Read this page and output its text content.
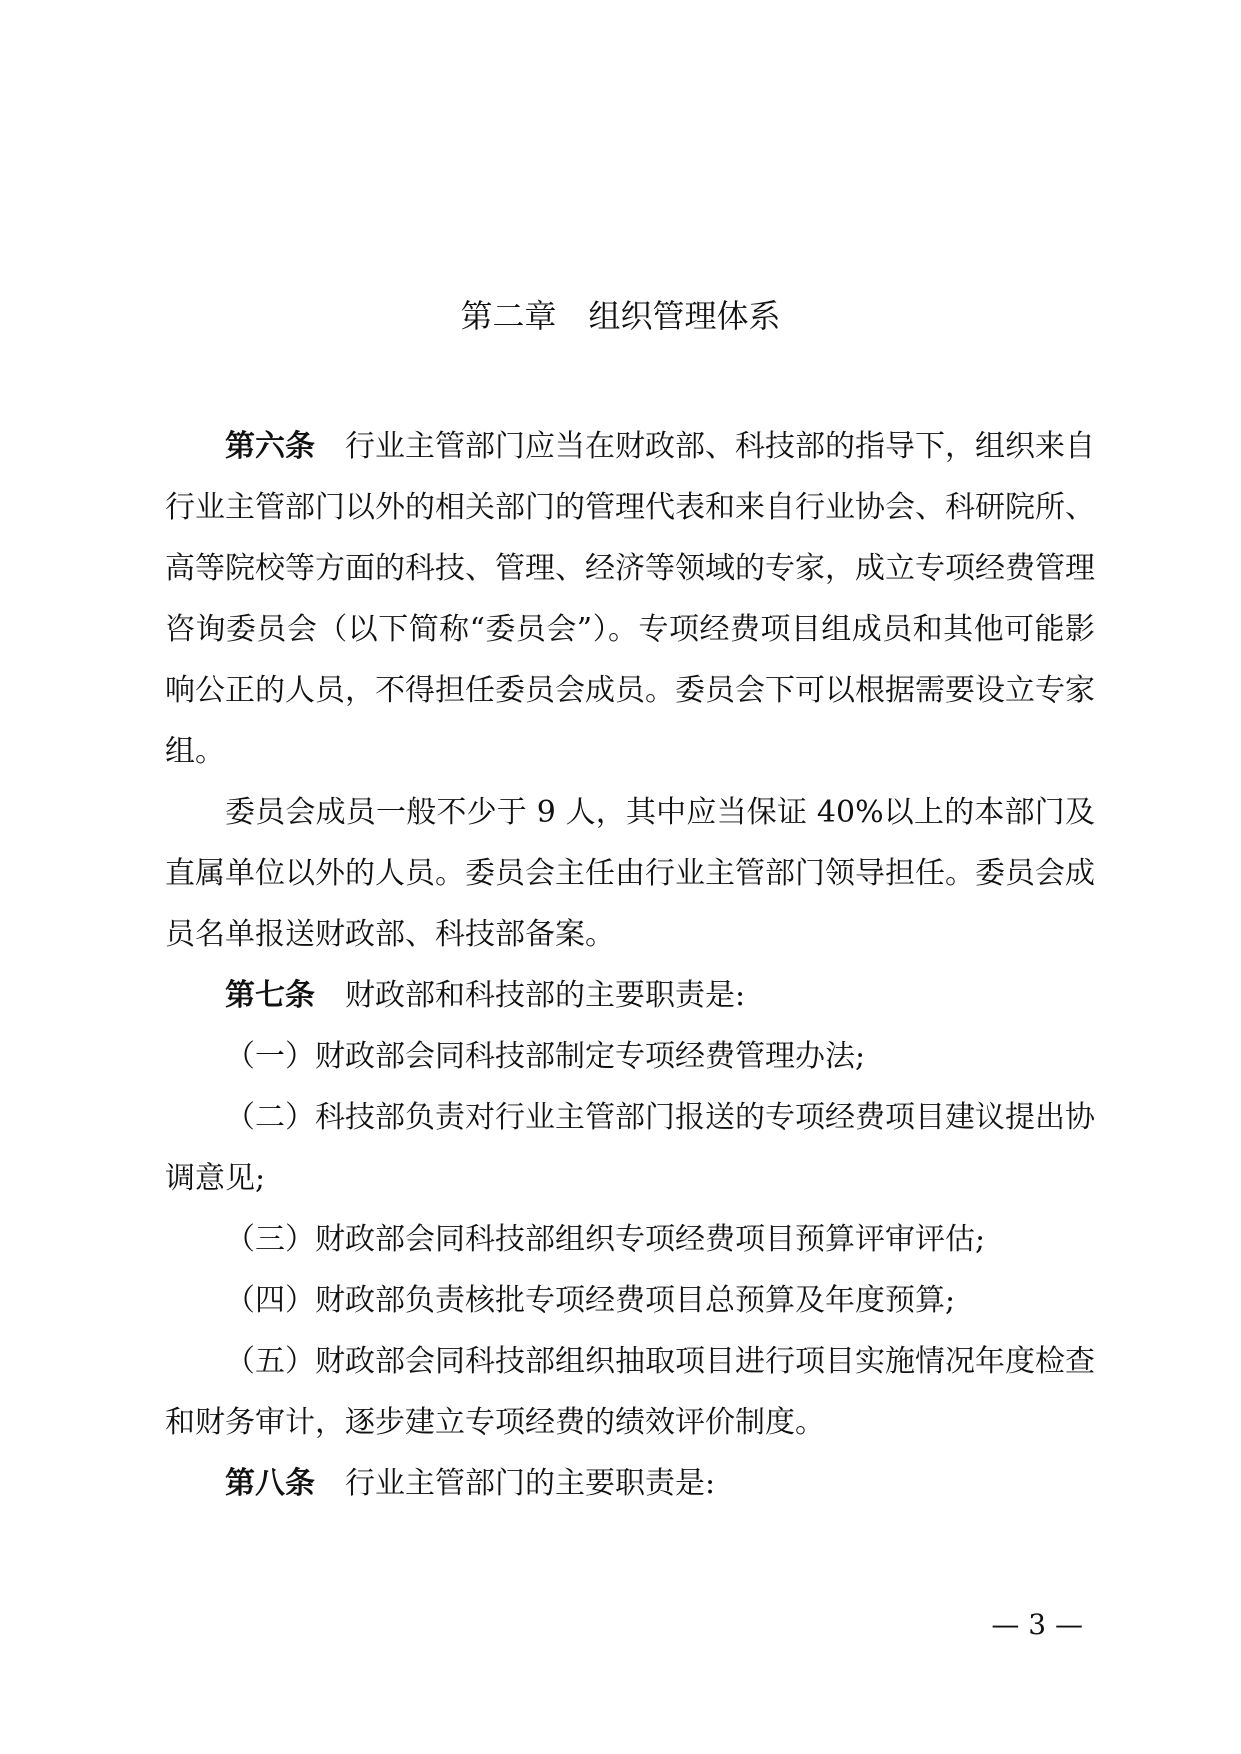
第二章　组织管理体系

第六条 行业主管部门应当在财政部、科技部的指导下，组织来自行业主管部门以外的相关部门的管理代表和来自行业协会、科研院所、高等院校等方面的科技、管理、经济等领域的专家，成立专项经费管理咨询委员会（以下简称“委员会”）。专项经费项目组成员和其他可能影响公正的人员，不得担任委员会成员。委员会下可以根据需要设立专家组。

委员会成员一般不少于 9 人，其中应当保证 40%以上的本部门及直属单位以外的人员。委员会主任由行业主管部门领导担任。委员会成员名单报送财政部、科技部备案。

第七条 财政部和科技部的主要职责是:

（一）财政部会同科技部制定专项经费管理办法;

（二）科技部负责对行业主管部门报送的专项经费项目建议提出协调意见;

（三）财政部会同科技部组织专项经费项目预算评审评估;

（四）财政部负责核批专项经费项目总预算及年度预算;

（五）财政部会同科技部组织抽取项目进行项目实施情况年度检查和财务审计，逐步建立专项经费的绩效评价制度。

第八条 行业主管部门的主要职责是:

— 3 —
